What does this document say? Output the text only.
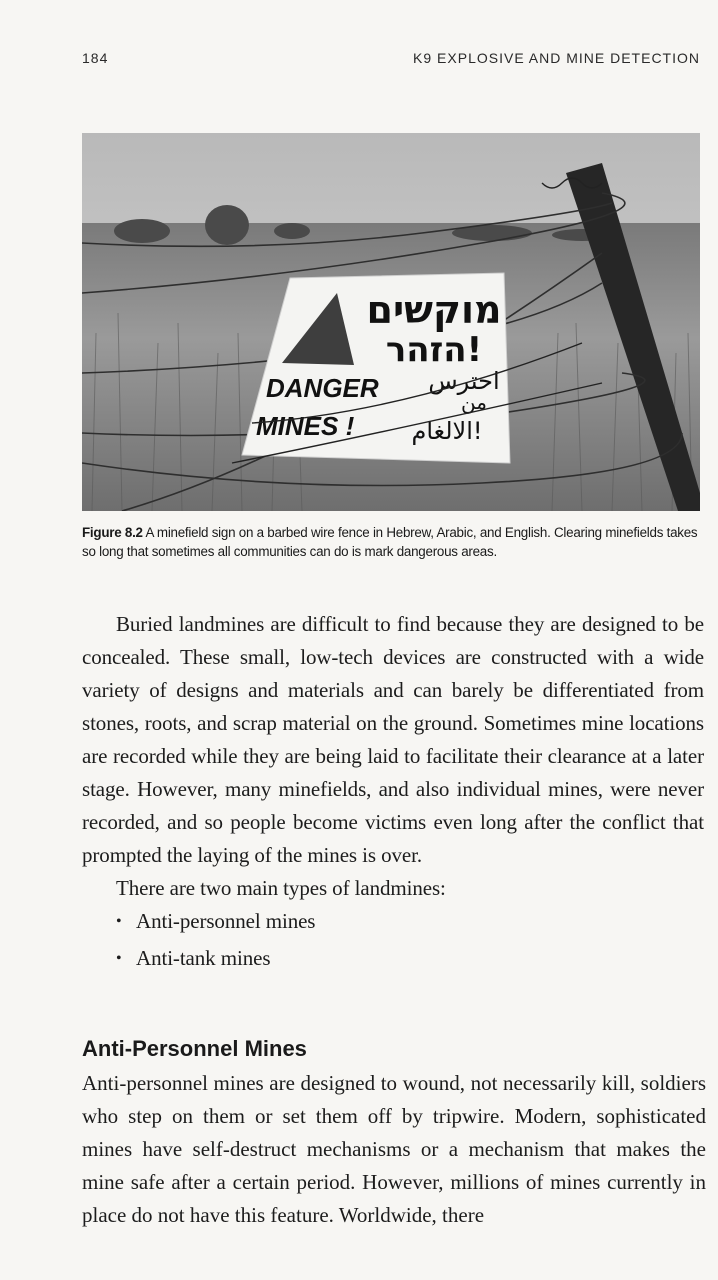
184	K9 EXPLOSIVE AND MINE DETECTION
מוקשים
הזהר!
DANGER
MINES !
احترس
من
الالغام!
Figure 8.2 A minefield sign on a barbed wire fence in Hebrew, Arabic, and English. Clearing minefields takes so long that sometimes all communities can do is mark dangerous areas.

Buried landmines are difficult to find because they are designed to be concealed. These small, low-tech devices are constructed with a wide variety of designs and materials and can barely be differentiated from stones, roots, and scrap material on the ground. Sometimes mine locations are recorded while they are being laid to facilitate their clearance at a later stage. However, many minefields, and also individual mines, were never recorded, and so people become victims even long after the conflict that prompted the laying of the mines is over.

There are two main types of landmines:

• Anti-personnel mines
• Anti-tank mines
Anti-Personnel Mines

Anti-personnel mines are designed to wound, not necessarily kill, soldiers who step on them or set them off by tripwire. Modern, sophisticated mines have self-destruct mechanisms or a mechanism that makes the mine safe after a certain period. However, millions of mines currently in place do not have this feature. Worldwide, there
